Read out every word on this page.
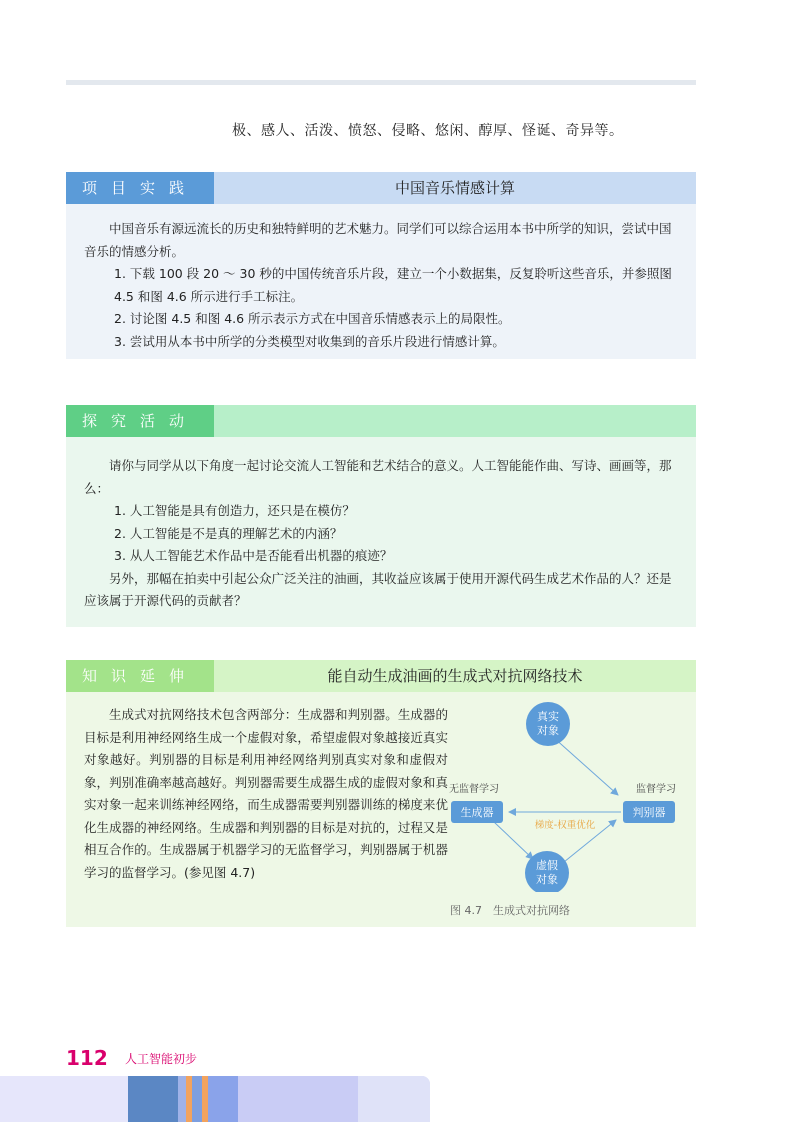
极、感人、活泼、愤怒、侵略、悠闲、醇厚、怪诞、奇异等。
项目实践	中国音乐情感计算

中国音乐有源远流长的历史和独特鲜明的艺术魅力。同学们可以综合运用本书中所学的知识，尝试中国音乐的情感分析。

1. 下载 100 段 20 ～ 30 秒的中国传统音乐片段，建立一个小数据集，反复聆听这些音乐，并参照图 4.5 和图 4.6 所示进行手工标注。

2. 讨论图 4.5 和图 4.6 所示表示方式在中国音乐情感表示上的局限性。

3. 尝试用从本书中所学的分类模型对收集到的音乐片段进行情感计算。

探究活动

请你与同学从以下角度一起讨论交流人工智能和艺术结合的意义。人工智能能作曲、写诗、画画等，那么：

1. 人工智能是具有创造力，还只是在模仿？

2. 人工智能是不是真的理解艺术的内涵？

3. 从人工智能艺术作品中是否能看出机器的痕迹？

另外，那幅在拍卖中引起公众广泛关注的油画，其收益应该属于使用开源代码生成艺术作品的人？还是应该属于开源代码的贡献者？

知识延伸	能自动生成油画的生成式对抗网络技术

生成式对抗网络技术包含两部分：生成器和判别器。生成器的目标是利用神经网络生成一个虚假对象，希望虚假对象越接近真实对象越好。判别器的目标是利用神经网络判别真实对象和虚假对象，判别准确率越高越好。判别器需要生成器生成的虚假对象和真实对象一起来训练神经网络，而生成器需要判别器训练的梯度来优化生成器的神经网络。生成器和判别器的目标是对抗的，过程又是相互合作的。生成器属于机器学习的无监督学习，判别器属于机器学习的监督学习。(参见图 4.7)

真实
对象
虚假
对象
生成器	判别器
无监督学习	监督学习
梯度-权重优化
图 4.7　生成式对抗网络
112 人工智能初步
